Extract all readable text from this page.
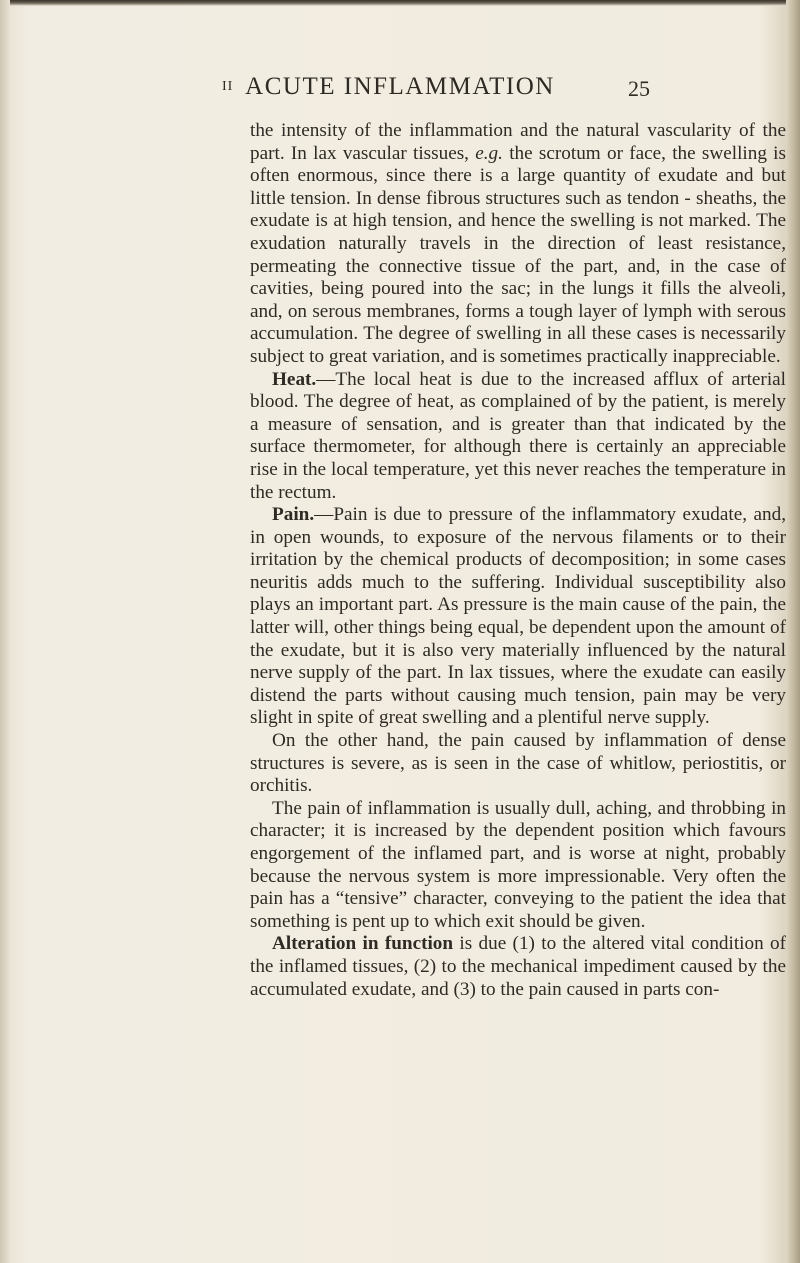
II ACUTE INFLAMMATION	25

the intensity of the inflammation and the natural vascularity of the part. In lax vascular tissues, e.g. the scrotum or face, the swelling is often enormous, since there is a large quantity of exudate and but little tension. In dense fibrous structures such as tendon - sheaths, the exudate is at high tension, and hence the swelling is not marked. The exudation naturally travels in the direction of least resistance, permeating the connective tissue of the part, and, in the case of cavities, being poured into the sac; in the lungs it fills the alveoli, and, on serous membranes, forms a tough layer of lymph with serous accumulation. The degree of swelling in all these cases is necessarily subject to great variation, and is sometimes practically inappreciable.

Heat.—The local heat is due to the increased afflux of arterial blood. The degree of heat, as complained of by the patient, is merely a measure of sensation, and is greater than that indicated by the surface thermometer, for although there is certainly an appreciable rise in the local temperature, yet this never reaches the temperature in the rectum.

Pain.—Pain is due to pressure of the inflammatory exudate, and, in open wounds, to exposure of the nervous filaments or to their irritation by the chemical products of decomposition; in some cases neuritis adds much to the suffering. Individual susceptibility also plays an important part. As pressure is the main cause of the pain, the latter will, other things being equal, be dependent upon the amount of the exudate, but it is also very materially influenced by the natural nerve supply of the part. In lax tissues, where the exudate can easily distend the parts without causing much tension, pain may be very slight in spite of great swelling and a plentiful nerve supply.

On the other hand, the pain caused by inflammation of dense structures is severe, as is seen in the case of whitlow, periostitis, or orchitis.

The pain of inflammation is usually dull, aching, and throbbing in character; it is increased by the dependent position which favours engorgement of the inflamed part, and is worse at night, probably because the nervous system is more impressionable. Very often the pain has a “tensive” character, conveying to the patient the idea that something is pent up to which exit should be given.

Alteration in function is due (1) to the altered vital condition of the inflamed tissues, (2) to the mechanical impediment caused by the accumulated exudate, and (3) to the pain caused in parts con-
